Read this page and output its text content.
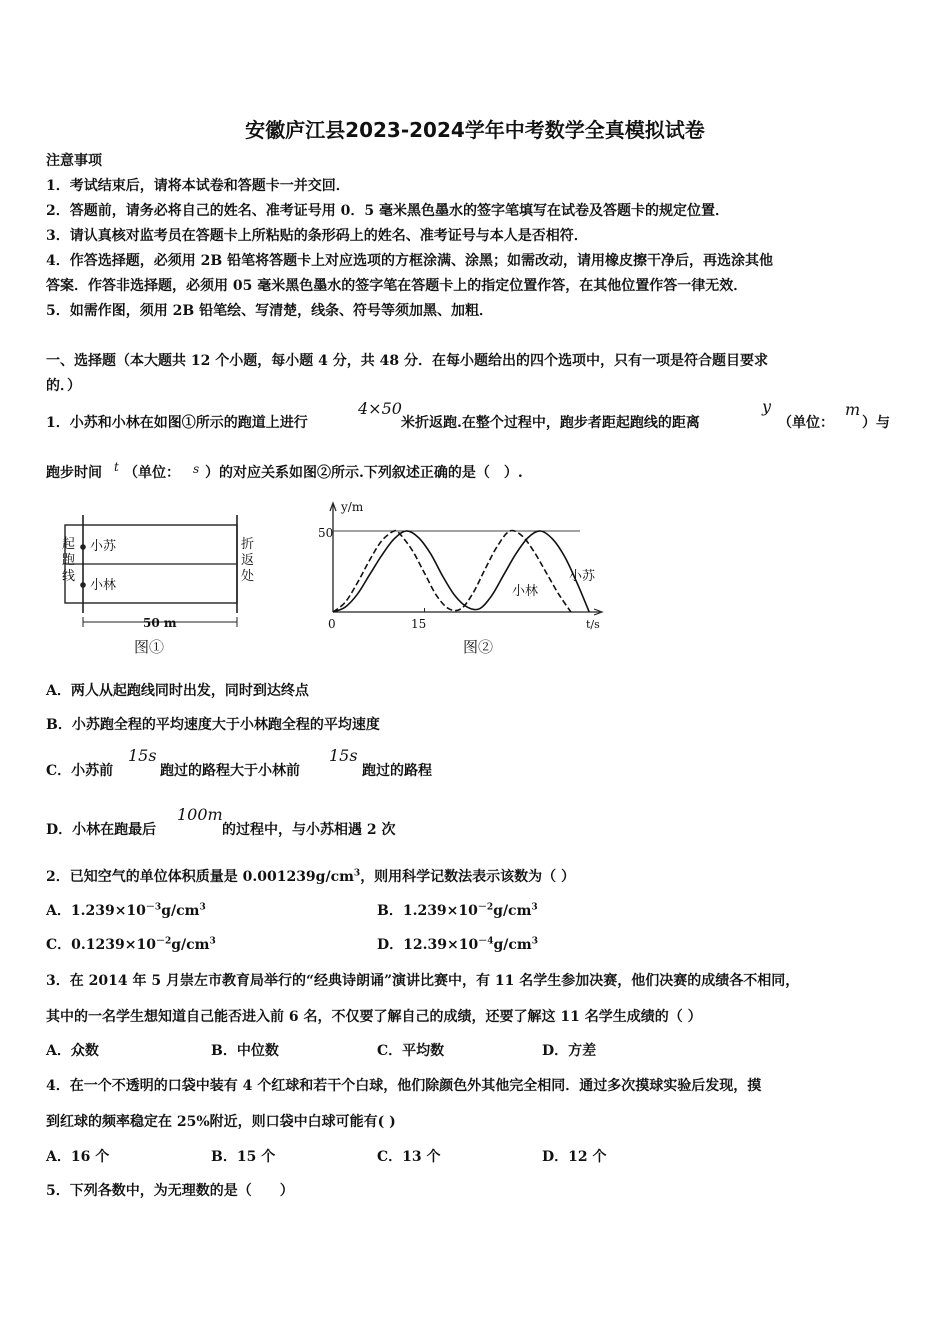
安徽庐江县2023-2024学年中考数学全真模拟试卷
注意事项
1．考试结束后，请将本试卷和答题卡一并交回．
2．答题前，请务必将自己的姓名、准考证号用 0．5 毫米黑色墨水的签字笔填写在试卷及答题卡的规定位置．
3．请认真核对监考员在答题卡上所粘贴的条形码上的姓名、准考证号与本人是否相符．
4．作答选择题，必须用 2B 铅笔将答题卡上对应选项的方框涂满、涂黑；如需改动，请用橡皮擦干净后，再选涂其他
答案．作答非选择题，必须用 05 毫米黑色墨水的签字笔在答题卡上的指定位置作答，在其他位置作答一律无效．
5．如需作图，须用 2B 铅笔绘、写清楚，线条、符号等须加黑、加粗．
一、选择题（本大题共 12 个小题，每小题 4 分，共 48 分．在每小题给出的四个选项中，只有一项是符合题目要求
的．）
1．小苏和小林在如图①所示的跑道上进行
4×50
米折返跑.在整个过程中，跑步者距起跑线的距离
y
（单位：
m
）与
跑步时间 t （单位： s ）的对应关系如图②所示.下列叙述正确的是（　）.
起跑线
折返处
小苏
小林
50 m
图①
y/m
t/s
50
15
0
小苏
小林
图②
A．两人从起跑线同时出发，同时到达终点
B．小苏跑全程的平均速度大于小林跑全程的平均速度
C．小苏前
15s
跑过的路程大于小林前
15s
跑过的路程
D．小林在跑最后
100m
的过程中，与小苏相遇 2 次
2．已知空气的单位体积质量是 $0.001239g/cm^3$，则用科学记数法表示该数为（ ）
A．$1.239\times 10^{-3}g/cm^3$	B．$1.239\times 10^{-2}g/cm^3$
C．$0.1239\times 10^{-2}g/cm^3$	D．$12.39\times 10^{-4}g/cm^3$
3．在 2014 年 5 月崇左市教育局举行的“经典诗朗诵”演讲比赛中，有 11 名学生参加决赛，他们决赛的成绩各不相同，
其中的一名学生想知道自己能否进入前 6 名，不仅要了解自己的成绩，还要了解这 11 名学生成绩的（ ）
A．众数	B．中位数	C．平均数	D．方差
4．在一个不透明的口袋中装有 4 个红球和若干个白球，他们除颜色外其他完全相同．通过多次摸球实验后发现，摸
到红球的频率稳定在 25%附近，则口袋中白球可能有( )
A．16 个	B．15 个	C．13 个	D．12 个
5．下列各数中，为无理数的是（　　）
